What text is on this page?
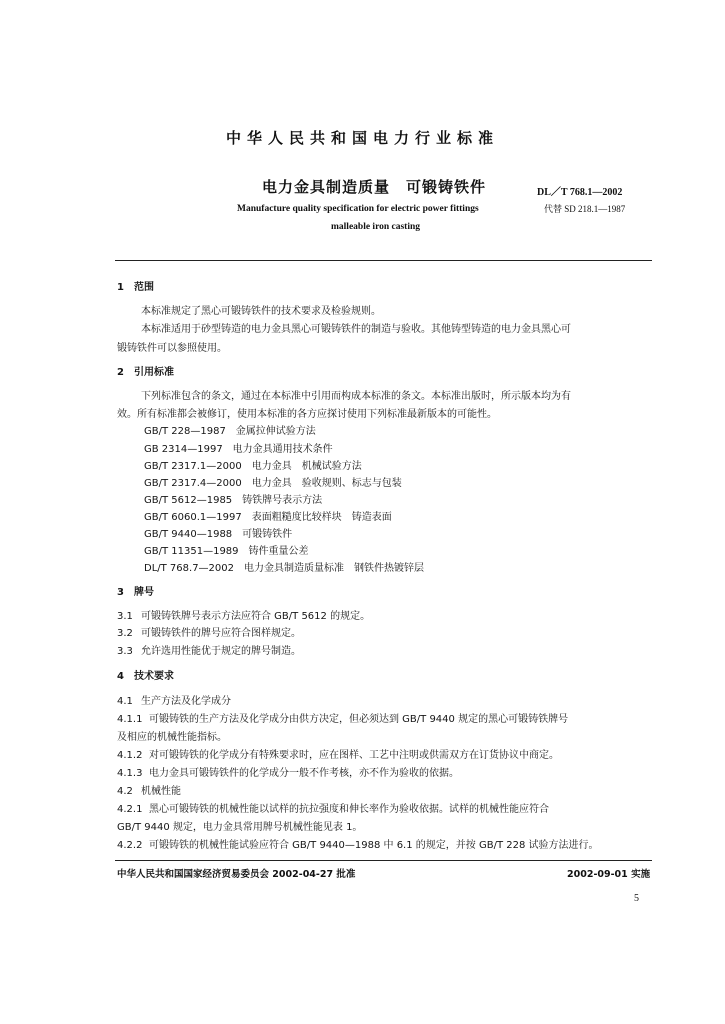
中华人民共和国电力行业标准
电力金具制造质量　可锻铸铁件	DL／T 768.1—2002
Manufacture quality specification for electric power fittings	代替 SD 218.1—1987
malleable iron casting
1　范围
本标准规定了黑心可锻铸铁件的技术要求及检验规则。
本标准适用于砂型铸造的电力金具黑心可锻铸铁件的制造与验收。其他铸型铸造的电力金具黑心可
锻铸铁件可以参照使用。
2　引用标准
下列标准包含的条文，通过在本标准中引用而构成本标准的条文。本标准出版时，所示版本均为有
效。所有标准都会被修订，使用本标准的各方应探讨使用下列标准最新版本的可能性。
GB/T 228—1987　金属拉伸试验方法
GB 2314—1997　电力金具通用技术条件
GB/T 2317.1—2000　电力金具　机械试验方法
GB/T 2317.4—2000　电力金具　验收规则、标志与包装
GB/T 5612—1985　铸铁牌号表示方法
GB/T 6060.1—1997　表面粗糙度比较样块　铸造表面
GB/T 9440—1988　可锻铸铁件
GB/T 11351—1989　铸件重量公差
DL/T 768.7—2002　电力金具制造质量标准　钢铁件热镀锌层
3　牌号
3.1 可锻铸铁牌号表示方法应符合 GB/T 5612 的规定。
3.2 可锻铸铁件的牌号应符合图样规定。
3.3 允许选用性能优于规定的牌号制造。
4　技术要求
4.1 生产方法及化学成分
4.1.1 可锻铸铁的生产方法及化学成分由供方决定，但必须达到 GB/T 9440 规定的黑心可锻铸铁牌号
及相应的机械性能指标。
4.1.2 对可锻铸铁的化学成分有特殊要求时，应在图样、工艺中注明或供需双方在订货协议中商定。
4.1.3 电力金具可锻铸铁件的化学成分一般不作考核，亦不作为验收的依据。
4.2 机械性能
4.2.1 黑心可锻铸铁的机械性能以试样的抗拉强度和伸长率作为验收依据。试样的机械性能应符合
GB/T 9440 规定，电力金具常用牌号机械性能见表 1。
4.2.2 可锻铸铁的机械性能试验应符合 GB/T 9440—1988 中 6.1 的规定，并按 GB/T 228 试验方法进行。
中华人民共和国国家经济贸易委员会 2002-04-27 批准	2002-09-01 实施
5
